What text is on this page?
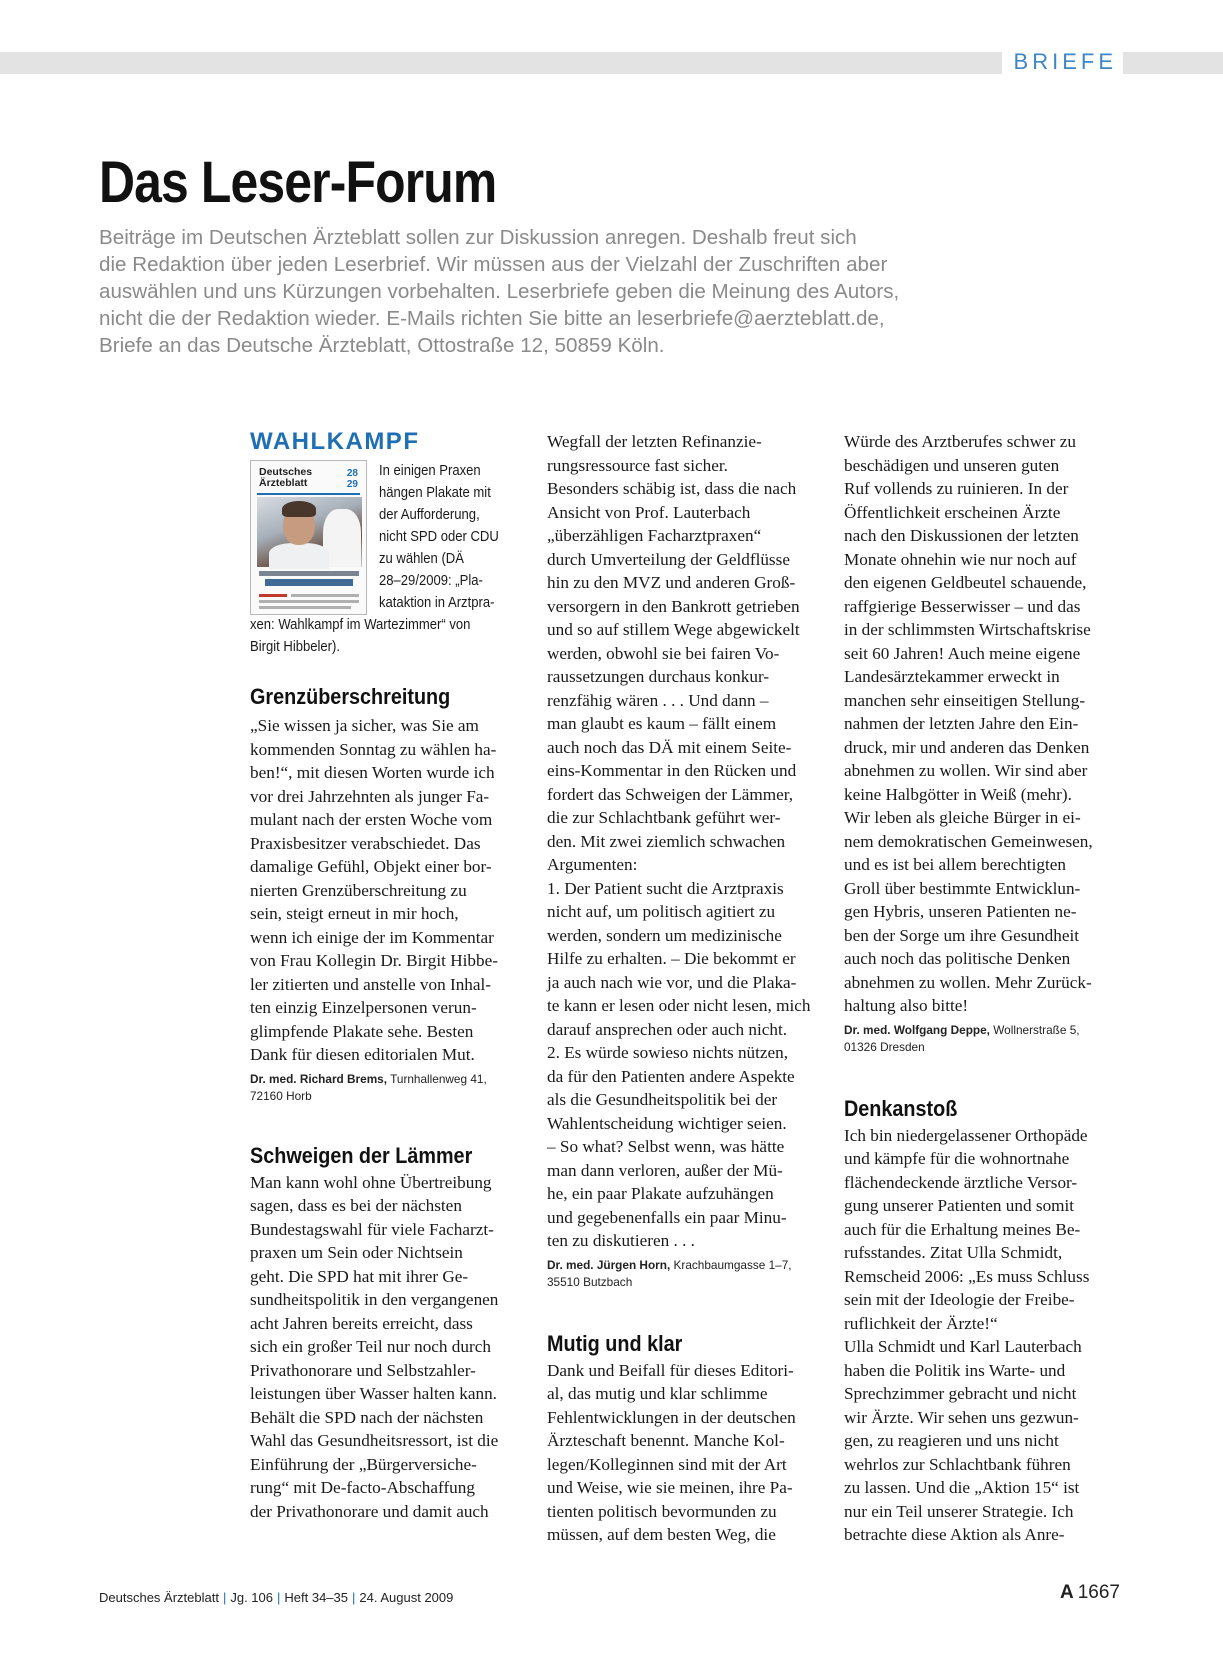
BRIEFE
Das Leser-Forum

Beiträge im Deutschen Ärzteblatt sollen zur Diskussion anregen. Deshalb freut sich

die Redaktion über jeden Leserbrief. Wir müssen aus der Vielzahl der Zuschriften aber

auswählen und uns Kürzungen vorbehalten. Leserbriefe geben die Meinung des Autors,

nicht die der Redaktion wieder. E-Mails richten Sie bitte an leserbriefe@aerzteblatt.de,

Briefe an das Deutsche Ärzteblatt, Ottostraße 12, 50859 Köln.

WAHLKAMPF
Deutsches
Ärzteblatt
28
29

In einigen Praxen

hängen Plakate mit

der Aufforderung,

nicht SPD oder CDU

zu wählen (DÄ

28–29/2009: „Pla-

kataktion in Arztpra-

xen: Wahlkampf im Wartezimmer“ von

Birgit Hibbeler).

Grenzüberschreitung

„Sie wissen ja sicher, was Sie am

kommenden Sonntag zu wählen ha-

ben!“, mit diesen Worten wurde ich

vor drei Jahrzehnten als junger Fa-

mulant nach der ersten Woche vom

Praxisbesitzer verabschiedet. Das

damalige Gefühl, Objekt einer bor-

nierten Grenzüberschreitung zu

sein, steigt erneut in mir hoch,

wenn ich einige der im Kommentar

von Frau Kollegin Dr. Birgit Hibbe-

ler zitierten und anstelle von Inhal-

ten einzig Einzelpersonen verun-

glimpfende Plakate sehe. Besten

Dank für diesen editorialen Mut.

Dr. med. Richard Brems, Turnhallenweg 41,

72160 Horb

Schweigen der Lämmer

Man kann wohl ohne Übertreibung

sagen, dass es bei der nächsten

Bundestagswahl für viele Facharzt-

praxen um Sein oder Nichtsein

geht. Die SPD hat mit ihrer Ge-

sundheitspolitik in den vergangenen

acht Jahren bereits erreicht, dass

sich ein großer Teil nur noch durch

Privathonorare und Selbstzahler-

leistungen über Wasser halten kann.

Behält die SPD nach der nächsten

Wahl das Gesundheitsressort, ist die

Einführung der „Bürgerversiche-

rung“ mit De-facto-Abschaffung

der Privathonorare und damit auch

Wegfall der letzten Refinanzie-

rungsressource fast sicher.

Besonders schäbig ist, dass die nach

Ansicht von Prof. Lauterbach

„überzähligen Facharztpraxen“

durch Umverteilung der Geldflüsse

hin zu den MVZ und anderen Groß-

versorgern in den Bankrott getrieben

und so auf stillem Wege abgewickelt

werden, obwohl sie bei fairen Vo-

raussetzungen durchaus konkur-

renzfähig wären . . . Und dann –

man glaubt es kaum – fällt einem

auch noch das DÄ mit einem Seite-

eins-Kommentar in den Rücken und

fordert das Schweigen der Lämmer,

die zur Schlachtbank geführt wer-

den. Mit zwei ziemlich schwachen

Argumenten:

1. Der Patient sucht die Arztpraxis

nicht auf, um politisch agitiert zu

werden, sondern um medizinische

Hilfe zu erhalten. – Die bekommt er

ja auch nach wie vor, und die Plaka-

te kann er lesen oder nicht lesen, mich

darauf ansprechen oder auch nicht.

2. Es würde sowieso nichts nützen,

da für den Patienten andere Aspekte

als die Gesundheitspolitik bei der

Wahlentscheidung wichtiger seien.

– So what? Selbst wenn, was hätte

man dann verloren, außer der Mü-

he, ein paar Plakate aufzuhängen

und gegebenenfalls ein paar Minu-

ten zu diskutieren . . .

Dr. med. Jürgen Horn, Krachbaumgasse 1–7,

35510 Butzbach

Mutig und klar

Dank und Beifall für dieses Editori-

al, das mutig und klar schlimme

Fehlentwicklungen in der deutschen

Ärzteschaft benennt. Manche Kol-

legen/Kolleginnen sind mit der Art

und Weise, wie sie meinen, ihre Pa-

tienten politisch bevormunden zu

müssen, auf dem besten Weg, die

Würde des Arztberufes schwer zu

beschädigen und unseren guten

Ruf vollends zu ruinieren. In der

Öffentlichkeit erscheinen Ärzte

nach den Diskussionen der letzten

Monate ohnehin wie nur noch auf

den eigenen Geldbeutel schauende,

raffgierige Besserwisser – und das

in der schlimmsten Wirtschaftskrise

seit 60 Jahren! Auch meine eigene

Landesärztekammer erweckt in

manchen sehr einseitigen Stellung-

nahmen der letzten Jahre den Ein-

druck, mir und anderen das Denken

abnehmen zu wollen. Wir sind aber

keine Halbgötter in Weiß (mehr).

Wir leben als gleiche Bürger in ei-

nem demokratischen Gemeinwesen,

und es ist bei allem berechtigten

Groll über bestimmte Entwicklun-

gen Hybris, unseren Patienten ne-

ben der Sorge um ihre Gesundheit

auch noch das politische Denken

abnehmen zu wollen. Mehr Zurück-

haltung also bitte!

Dr. med. Wolfgang Deppe, Wollnerstraße 5,

01326 Dresden

Denkanstoß

Ich bin niedergelassener Orthopäde

und kämpfe für die wohnortnahe

flächendeckende ärztliche Versor-

gung unserer Patienten und somit

auch für die Erhaltung meines Be-

rufsstandes. Zitat Ulla Schmidt,

Remscheid 2006: „Es muss Schluss

sein mit der Ideologie der Freibe-

ruflichkeit der Ärzte!“

Ulla Schmidt und Karl Lauterbach

haben die Politik ins Warte- und

Sprechzimmer gebracht und nicht

wir Ärzte. Wir sehen uns gezwun-

gen, zu reagieren und uns nicht

wehrlos zur Schlachtbank führen

zu lassen. Und die „Aktion 15“ ist

nur ein Teil unserer Strategie. Ich

betrachte diese Aktion als Anre-

Deutsches Ärzteblatt | Jg. 106 | Heft 34–35 | 24. August 2009	A 1667
